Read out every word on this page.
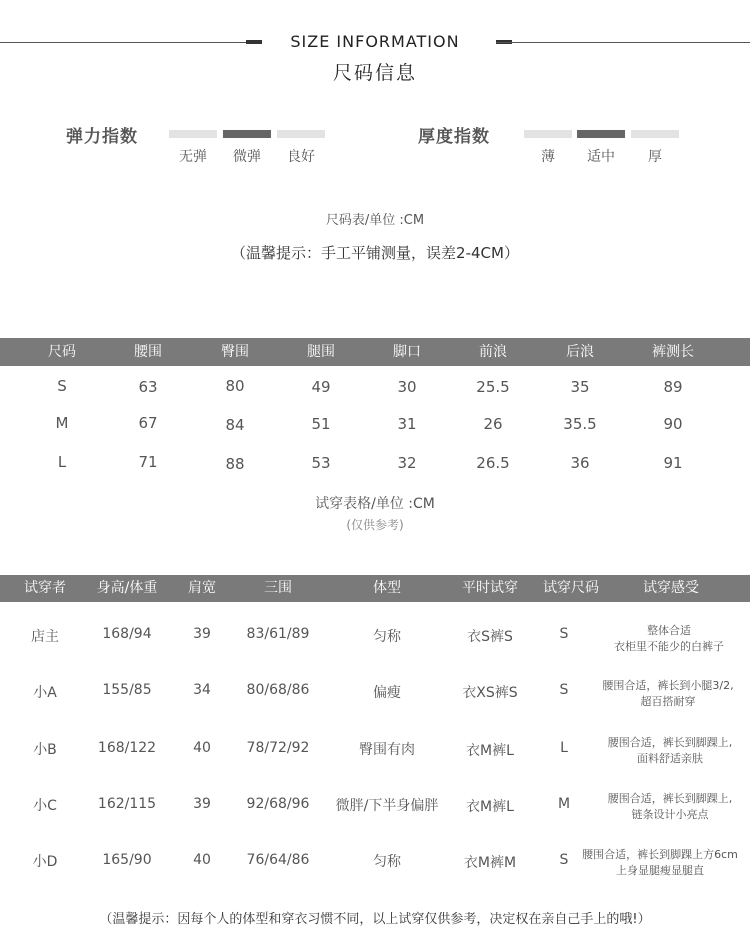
SIZE INFORMATION
尺码信息
弹力指数
无弹	微弹	良好
厚度指数
薄	适中	厚
尺码表/单位 :CM
（温馨提示：手工平铺测量，误差2-4CM）
尺码	腰围	臀围	腿围	脚口	前浪	后浪	裤测长
S	63	80	49	30	25.5	35	89
M	67	84	51	31	26	35.5	90
L	71	88	53	32	26.5	36	91
试穿表格/单位 :CM
(仅供参考)
试穿者	身高/体重	肩宽	三围	体型	平时试穿	试穿尺码	试穿感受
店主	168/94	39	83/61/89	匀称	衣S裤S	S	整体合适
衣柜里不能少的白裤子
小A	155/85	34	80/68/86	偏瘦	衣XS裤S	S	腰围合适，裤长到小腿3/2,
超百搭耐穿
小B	168/122	40	78/72/92	臀围有肉	衣M裤L	L	腰围合适，裤长到脚踝上,
面料舒适亲肤
小C	162/115	39	92/68/96	微胖/下半身偏胖	衣M裤L	M	腰围合适，裤长到脚踝上,
链条设计小亮点
小D	165/90	40	76/64/86	匀称	衣M裤M	S	腰围合适，裤长到脚踝上方6cm
上身显腿瘦显腿直
（温馨提示：因每个人的体型和穿衣习惯不同，以上试穿仅供参考，决定权在亲自己手上的哦!）
